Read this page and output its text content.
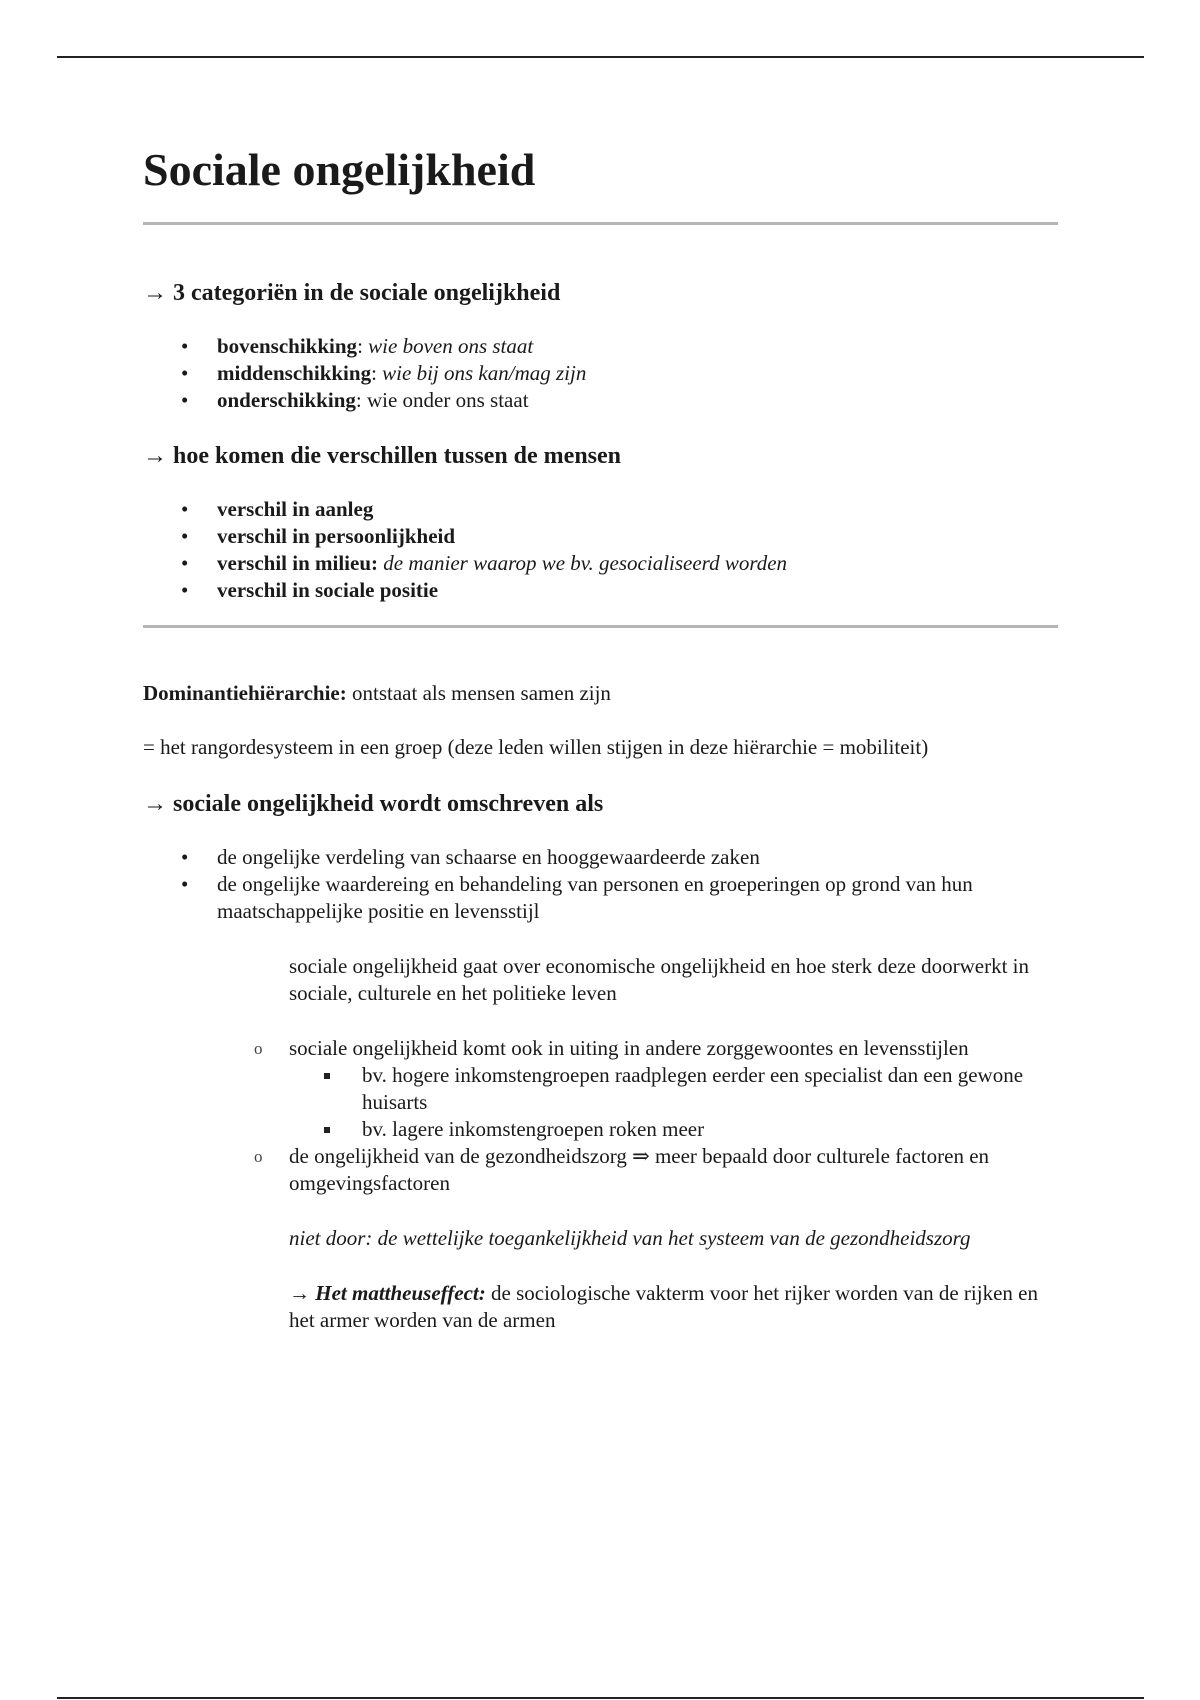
Sociale ongelijkheid
→ 3 categoriën in de sociale ongelijkheid
• bovenschikking: wie boven ons staat
• middenschikking: wie bij ons kan/mag zijn
• onderschikking: wie onder ons staat
→ hoe komen die verschillen tussen de mensen
• verschil in aanleg
• verschil in persoonlijkheid
• verschil in milieu: de manier waarop we bv. gesocialiseerd worden
• verschil in sociale positie

Dominantiehiërarchie: ontstaat als mensen samen zijn

= het rangordesysteem in een groep (deze leden willen stijgen in deze hiërarchie = mobiliteit)

→ sociale ongelijkheid wordt omschreven als
• de ongelijke verdeling van schaarse en hooggewaardeerde zaken
• de ongelijke waardereing en behandeling van personen en groeperingen op grond van hun maatschappelijke positie en levensstijl

sociale ongelijkheid gaat over economische ongelijkheid en hoe sterk deze doorwerkt in sociale, culturele en het politieke leven

o sociale ongelijkheid komt ook in uiting in andere zorggewoontes en levensstijlen
bv. hogere inkomstengroepen raadplegen eerder een specialist dan een gewone huisarts
bv. lagere inkomstengroepen roken meer
o de ongelijkheid van de gezondheidszorg ⇒ meer bepaald door culturele factoren en omgevingsfactoren

niet door: de wettelijke toegankelijkheid van het systeem van de gezondheidszorg

→ Het mattheuseffect: de sociologische vakterm voor het rijker worden van de rijken en het armer worden van de armen
